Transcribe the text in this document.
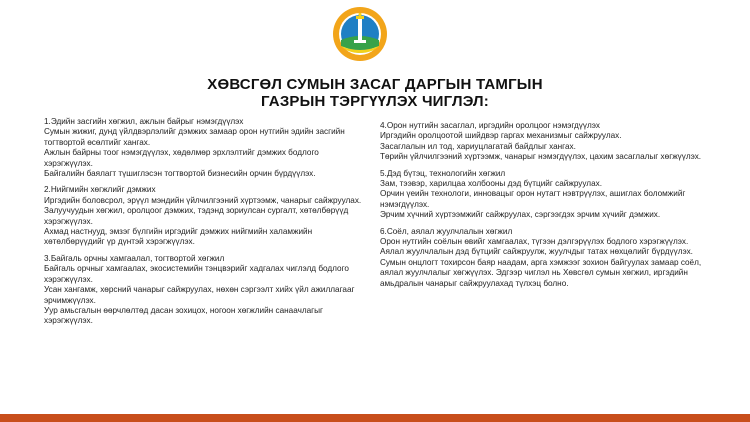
ХӨВСГӨЛ СУМЫН ЗАСАГ ДАРГЫН ТАМГЫН
ГАЗРЫН ТЭРГҮҮЛЭХ ЧИГЛЭЛ:
1.Эдийн засгийн хөгжил, ажлын байрыг нэмэгдүүлэх
Сумын жижиг, дунд үйлдвэрлэлийг дэмжих замаар орон нутгийн эдийн засгийн тогтвортой өсөлтийг хангах.
Ажлын байрны тоог нэмэгдүүлэх, хөдөлмөр эрхлэлтийг дэмжих бодлого хэрэгжүүлэх.
Байгалийн баялагт түшиглэсэн тогтвортой бизнесийн орчин бүрдүүлэх.
2.Нийгмийн хөгжлийг дэмжих
Иргэдийн боловсрол, эрүүл мэндийн үйлчилгээний хүртээмж, чанарыг сайжруулах.
Залуучуудын хөгжил, оролцоог дэмжих, тэдэнд зориулсан сургалт, хөтөлбөрүүд хэрэгжүүлэх.
Ахмад настнууд, эмзэг бүлгийн иргэдийг дэмжих нийгмийн халамжийн хөтөлбөрүүдийг үр дүнтэй хэрэгжүүлэх.
3.Байгаль орчны хамгаалал, тогтвортой хөгжил
Байгаль орчныг хамгаалах, экосистемийн тэнцвэрийг хадгалах чиглэлд бодлого хэрэгжүүлэх.
Усан хангамж, хөрсний чанарыг сайжруулах, нөхөн сэргээлт хийх үйл ажиллагааг эрчимжүүлэх.
Уур амьсгалын өөрчлөлтөд дасан зохицох, ногоон хөгжлийн санаачлагыг хэрэгжүүлэх.
4.Орон нутгийн засаглал, иргэдийн оролцоог нэмэгдүүлэх
Иргэдийн оролцоотой шийдвэр гаргах механизмыг сайжруулах.
Засаглалын ил тод, хариуцлагатай байдлыг хангах.
Төрийн үйлчилгээний хүртээмж, чанарыг нэмэгдүүлэх, цахим засаглалыг хөгжүүлэх.
5.Дэд бүтэц, технологийн хөгжил
Зам, тээвэр, харилцаа холбооны дэд бүтцийг сайжруулах.
Орчин үеийн технологи, инновацыг орон нутагт нэвтрүүлэх, ашиглах боломжийг нэмэгдүүлэх.
Эрчим хүчний хүртээмжийг сайжруулах, сэргээгдэх эрчим хүчийг дэмжих.
6.Соёл, аялал жуулчлалын хөгжил
Орон нутгийн соёлын өвийг хамгаалах, түгээн дэлгэрүүлэх бодлого хэрэгжүүлэх.
Аялал жуулчлалын дэд бүтцийг сайжруулж, жуулчдыг татах нөхцөлийг бүрдүүлэх.
Сумын онцлогт тохирсон баяр наадам, арга хэмжээг зохион байгуулах замаар соёл, аялал жуулчлалыг хөгжүүлэх. Эдгээр чиглэл нь Хөвсгөл сумын хөгжил, иргэдийн амьдралын чанарыг сайжруулахад түлхэц болно.
